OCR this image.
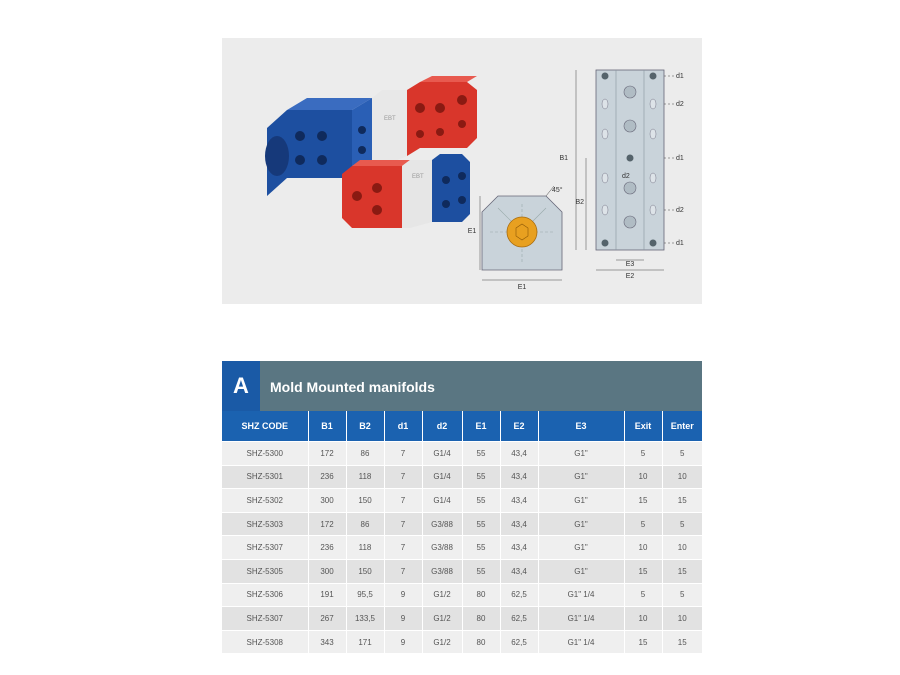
EBT
EBT
E1
E1
45°
B1
B2
E3
E2
d1
d2
d1
d2
d2
d1
A	Mold Mounted manifolds
SHZ CODE	B1	B2	d1	d2	E1	E2	E3	Exit	Enter
SHZ-5300	172	86	7	G1/4	55	43,4	G1"	5	5
SHZ-5301	236	118	7	G1/4	55	43,4	G1"	10	10
SHZ-5302	300	150	7	G1/4	55	43,4	G1"	15	15
SHZ-5303	172	86	7	G3/88	55	43,4	G1"	5	5
SHZ-5307	236	118	7	G3/88	55	43,4	G1"	10	10
SHZ-5305	300	150	7	G3/88	55	43,4	G1"	15	15
SHZ-5306	191	95,5	9	G1/2	80	62,5	G1" 1/4	5	5
SHZ-5307	267	133,5	9	G1/2	80	62,5	G1" 1/4	10	10
SHZ-5308	343	171	9	G1/2	80	62,5	G1" 1/4	15	15
